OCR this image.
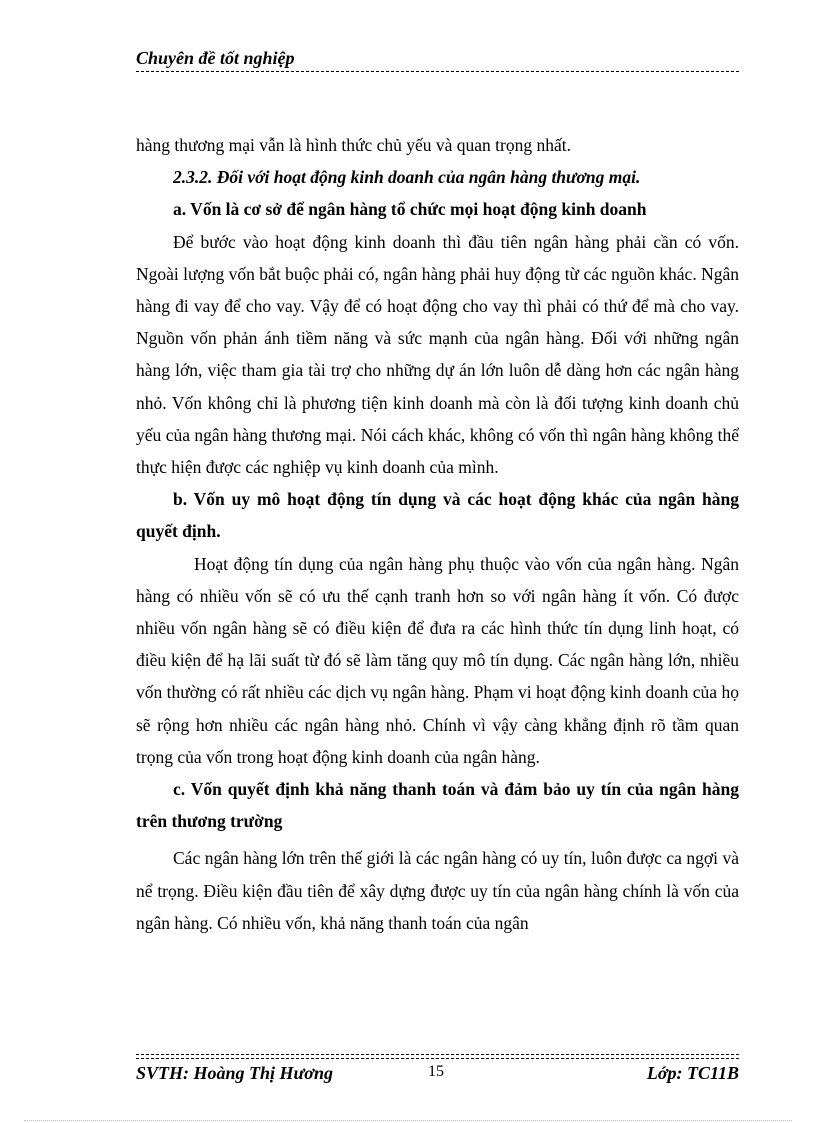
Chuyên đề tốt nghiệp

hàng thương mại vẫn là hình thức chủ yếu và quan trọng nhất.

2.3.2. Đối với hoạt động kinh doanh của ngân hàng thương mại.

a. Vốn là cơ sở để ngân hàng tổ chức mọi hoạt động kinh doanh

Để bước vào hoạt động kinh doanh thì đầu tiên ngân hàng phải cần có vốn. Ngoài lượng vốn bắt buộc phải có, ngân hàng phải huy động từ các nguồn khác. Ngân hàng đi vay để cho vay. Vậy để có hoạt động cho vay thì phải có thứ để mà cho vay. Nguồn vốn phản ánh tiềm năng và sức mạnh của ngân hàng. Đối với những ngân hàng lớn, việc tham gia tài trợ cho những dự án lớn luôn dễ dàng hơn các ngân hàng nhỏ. Vốn không chỉ là phương tiện kinh doanh mà còn là đối tượng kinh doanh chủ yếu của ngân hàng thương mại. Nói cách khác, không có vốn thì ngân hàng không thể thực hiện được các nghiệp vụ kinh doanh của mình.

b. Vốn uy mô hoạt động tín dụng và các hoạt động khác của ngân hàng quyết định.

Hoạt động tín dụng của ngân hàng phụ thuộc vào vốn của ngân hàng. Ngân hàng có nhiều vốn sẽ có ưu thế cạnh tranh hơn so với ngân hàng ít vốn. Có được nhiều vốn ngân hàng sẽ có điều kiện để đưa ra các hình thức tín dụng linh hoạt, có điều kiện để hạ lãi suất từ đó sẽ làm tăng quy mô tín dụng. Các ngân hàng lớn, nhiều vốn thường có rất nhiều các dịch vụ ngân hàng. Phạm vi hoạt động kinh doanh của họ sẽ rộng hơn nhiều các ngân hàng nhỏ. Chính vì vậy càng khẳng định rõ tầm quan trọng của vốn trong hoạt động kinh doanh của ngân hàng.

c. Vốn quyết định khả năng thanh toán và đảm bảo uy tín của ngân hàng trên thương trường

Các ngân hàng lớn trên thế giới là các ngân hàng có uy tín, luôn được ca ngợi và nể trọng. Điều kiện đầu tiên để xây dựng được uy tín của ngân hàng chính là vốn của ngân hàng. Có nhiều vốn, khả năng thanh toán của ngân

SVTH: Hoàng Thị Hương	15	Lớp: TC11B
